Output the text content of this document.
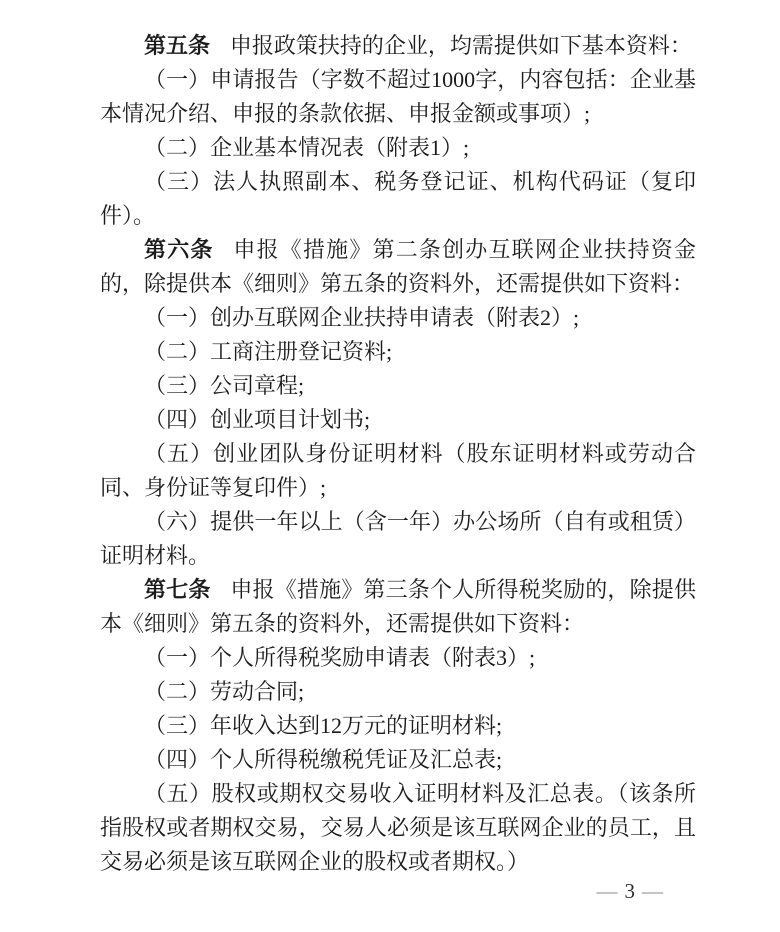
第五条 申报政策扶持的企业，均需提供如下基本资料：

（一）申请报告（字数不超过1000字，内容包括：企业基本情况介绍、申报的条款依据、申报金额或事项）;

（二）企业基本情况表（附表1）;

（三）法人执照副本、税务登记证、机构代码证（复印件）。

第六条 申报《措施》第二条创办互联网企业扶持资金的，除提供本《细则》第五条的资料外，还需提供如下资料：

（一）创办互联网企业扶持申请表（附表2）;

（二）工商注册登记资料;

（三）公司章程;

（四）创业项目计划书;

（五）创业团队身份证明材料（股东证明材料或劳动合同、身份证等复印件）;

（六）提供一年以上（含一年）办公场所（自有或租赁）证明材料。

第七条 申报《措施》第三条个人所得税奖励的，除提供本《细则》第五条的资料外，还需提供如下资料：

（一）个人所得税奖励申请表（附表3）;

（二）劳动合同;

（三）年收入达到12万元的证明材料;

（四）个人所得税缴税凭证及汇总表;

（五）股权或期权交易收入证明材料及汇总表。（该条所指股权或者期权交易，交易人必须是该互联网企业的员工，且交易必须是该互联网企业的股权或者期权。）

— 3 —
